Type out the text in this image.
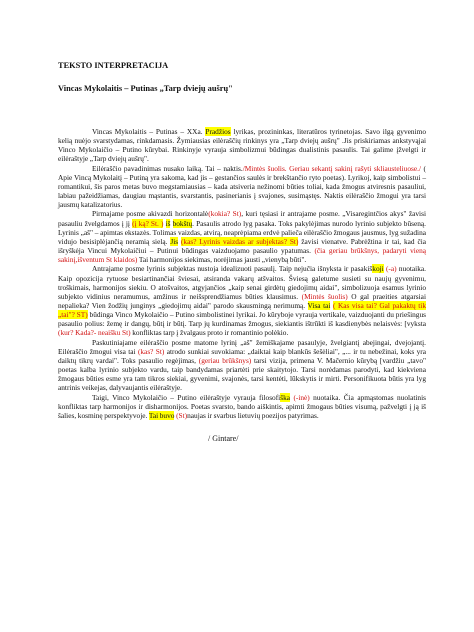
TEKSTO INTERPRETACIJA
Vincas Mykolaitis – Putinas „Tarp dviejų aušrų"

Vincas Mykolaitis – Putinas – XXa. Pradžios lyrikas, prozininkas, literatūros tyrinetojas. Savo ilgą gyvenimo kelią nuėjo svarstydamas, rinkdamasis. Žymiausias eilėraščių rinkinys yra „Tarp dviejų aušrų" .Jis priskiriamas ankstyvąjai Vinco Mykolaičio – Putino kūrybai. Rinkinyje vyrauja simbolizmui būdingas dualistinis pasaulis. Tai galime įžvelgti ir eilėraštyje „Tarp dviejų aušrų".

Eilėraščio pavadinimas nusako laiką. Tai – naktis./Mintės šuolis. Geriau sekantį sakinį rašyti skliausteliuose./ ( Apie Vincą Mykolaitį – Putiną yra sakoma, kad jis – gestančios saulės ir brekštančio ryto poetas). Lyrikoj, kaip simbolistui – romantikui, šis paros metas buvo megstamiausias – kada atsiveria nežinomi būties toliai, kada žmogus atviresnis pasauliui, labiau pažeidžiamas, daugiau mąstantis, svarstantis, pasinerianis į svajones, susimąstęs. Naktis eilėraščio žmogui yra tarsi jausmų katalizatorius.

Pirmajame posme akivazdi horizontalė(kokia? St), kuri tęsiasi ir antrajame posme. „Visaregintčios akys" žavisi pasauliu žvelgdamos į jį (į ką? St. ) iš bokštų. Pasaulis atrodo lyg pasaka. Toks pakylėjimas nurodo lyrinio subjekto būseną. Lyrinis „aš" – apimtas ekstazės. Tolimas vaizdas, atvirą, neaprėpiama erdvė palieča eilėraščio žmogaus jausmus, lyg sužadina vidujo besisiplėjančią neramią sielą. Jis (kas? Lyrinis vaizdas ar subjektas? St) žavisi vienatve. Pabrėžtina ir tai, kad čia išryškėja Vincui Mykolaičiui – Putinui būdingas vaizduojamo pasaulio ypatumas. (čia geriau brūkšnys, padaryti vieną sakinį,išventum St klaidos) Tai harmonijos siekimas, norėjimas jausti „vienybą būti".

Antrajame posme lyrinis subjektas nustoja idealizuoti pasaulį. Taip nejučia išnyksta ir pasakiškoji (-a) nuotaika. Kaip opozicija rytuose besiartinančiai šviesai, atsiranda vakarų atšvaitos. Šviesą galetume susieti su naujų gyvenimu, troškimais, harmonijos siekiu. O atošvaitos, atgyjančios „kaip senai girdėtų giedojimų aidai", simbolizuoja esamus lyrinio subjekto vidinius neramumus, amžinus ir neišsprendžiamus būties klausimus. (Mintės šuolis) O gal praeities atgarsiai nepalieka? Vien žodžių junginys „giedojimų aidai" parodo skausmingą nerimumą. Visa tai ( Kas visa tai? Gal pakaktų tik „tai"? ST) būdinga Vinco Mykolaičio – Putino simbolistinei lyrikai. Jo kūryboje vyrauja vertikale, vaizduojanti du priešingus pasaulio polius: žemę ir dangų, būtį ir būtį. Tarp jų kurdinamas žmogus, siekiantis ištrūkti iš kasdienybės nelaisvės: [vyksta (kur? Kada?- neaišku St) konfliktas tarp į žvalgaus proto ir romantinio polėkio.

Paskutiniajame eilėraščio posme matome lyrinį „aš" žemiškajame pasaulyje, žvelgiantį abejingai, dvejojantį. Eilėraščio žmogui visa tai (kas? St) atrodo sunkiai suvokiama: „daiktai kaip blankūs šešėliai", „... ir tu nebežinai, koks yra daiktų tikrų vardai". Toks pasaulio regėjimas, (geriau brūkšnys) tarsi vizija, primena V. Mačernio kūrybą [vardžiu „tavo" poetas kalba lyrinio subjekto vardu, taip bandydamas priartėti prie skaitytojo. Tarsi norėdamas parodyti, kad kiekviena žmogaus būties esme yra tam tikros siekiai, gyvenimi, svajonės, tarsi kentėti, lūkskytis ir mirti. Personifikuota būtis yra lyg antrinis veikejas, dalyvaujantis eilėraštyje.

Taigi, Vinco Mykolaičio – Putino eilėraštyje vyrauja filosofiška (-inė) nuotaika. Čia apmąstomas nuolatinis konfliktas tarp harmonijos ir disharmonijos. Poetas svarsto, bando aiškintis, apimti žmogaus būties visumą, pažvelgti į ją iš šalies, kosminę perspektyvoje. Tai buvo (St)naujas ir svarbus lietuvių poezijos patyrimas.

/ Gintare/
